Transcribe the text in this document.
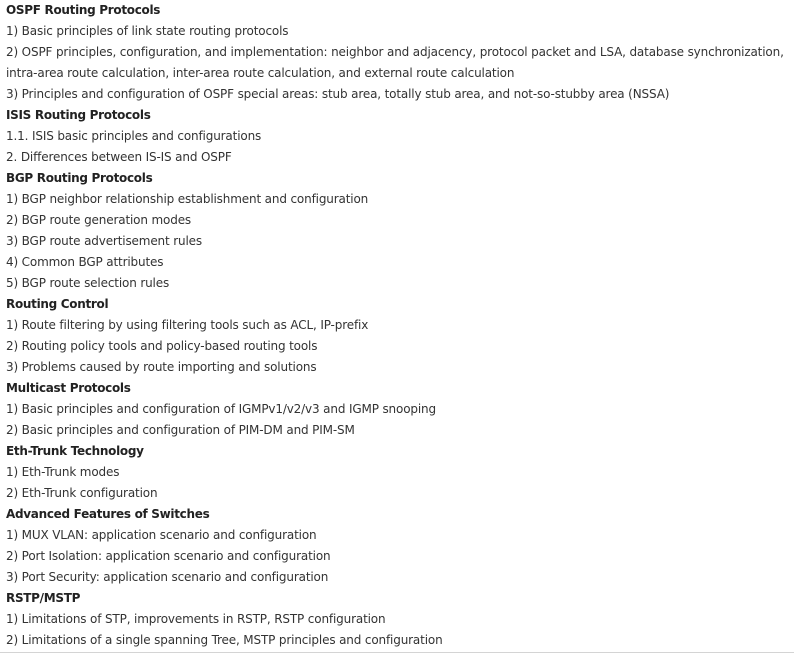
OSPF Routing Protocols
1) Basic principles of link state routing protocols
2) OSPF principles, configuration, and implementation: neighbor and adjacency, protocol packet and LSA, database synchronization, intra-area route calculation, inter-area route calculation, and external route calculation
3) Principles and configuration of OSPF special areas: stub area, totally stub area, and not-so-stubby area (NSSA)
ISIS Routing Protocols
1.1. ISIS basic principles and configurations
2. Differences between IS-IS and OSPF
BGP Routing Protocols
1) BGP neighbor relationship establishment and configuration
2) BGP route generation modes
3) BGP route advertisement rules
4) Common BGP attributes
5) BGP route selection rules
Routing Control
1) Route filtering by using filtering tools such as ACL, IP-prefix
2) Routing policy tools and policy-based routing tools
3) Problems caused by route importing and solutions
Multicast Protocols
1) Basic principles and configuration of IGMPv1/v2/v3 and IGMP snooping
2) Basic principles and configuration of PIM-DM and PIM-SM
Eth-Trunk Technology
1) Eth-Trunk modes
2) Eth-Trunk configuration
Advanced Features of Switches
1) MUX VLAN: application scenario and configuration
2) Port Isolation: application scenario and configuration
3) Port Security: application scenario and configuration
RSTP/MSTP
1) Limitations of STP, improvements in RSTP, RSTP configuration
2) Limitations of a single spanning Tree, MSTP principles and configuration
